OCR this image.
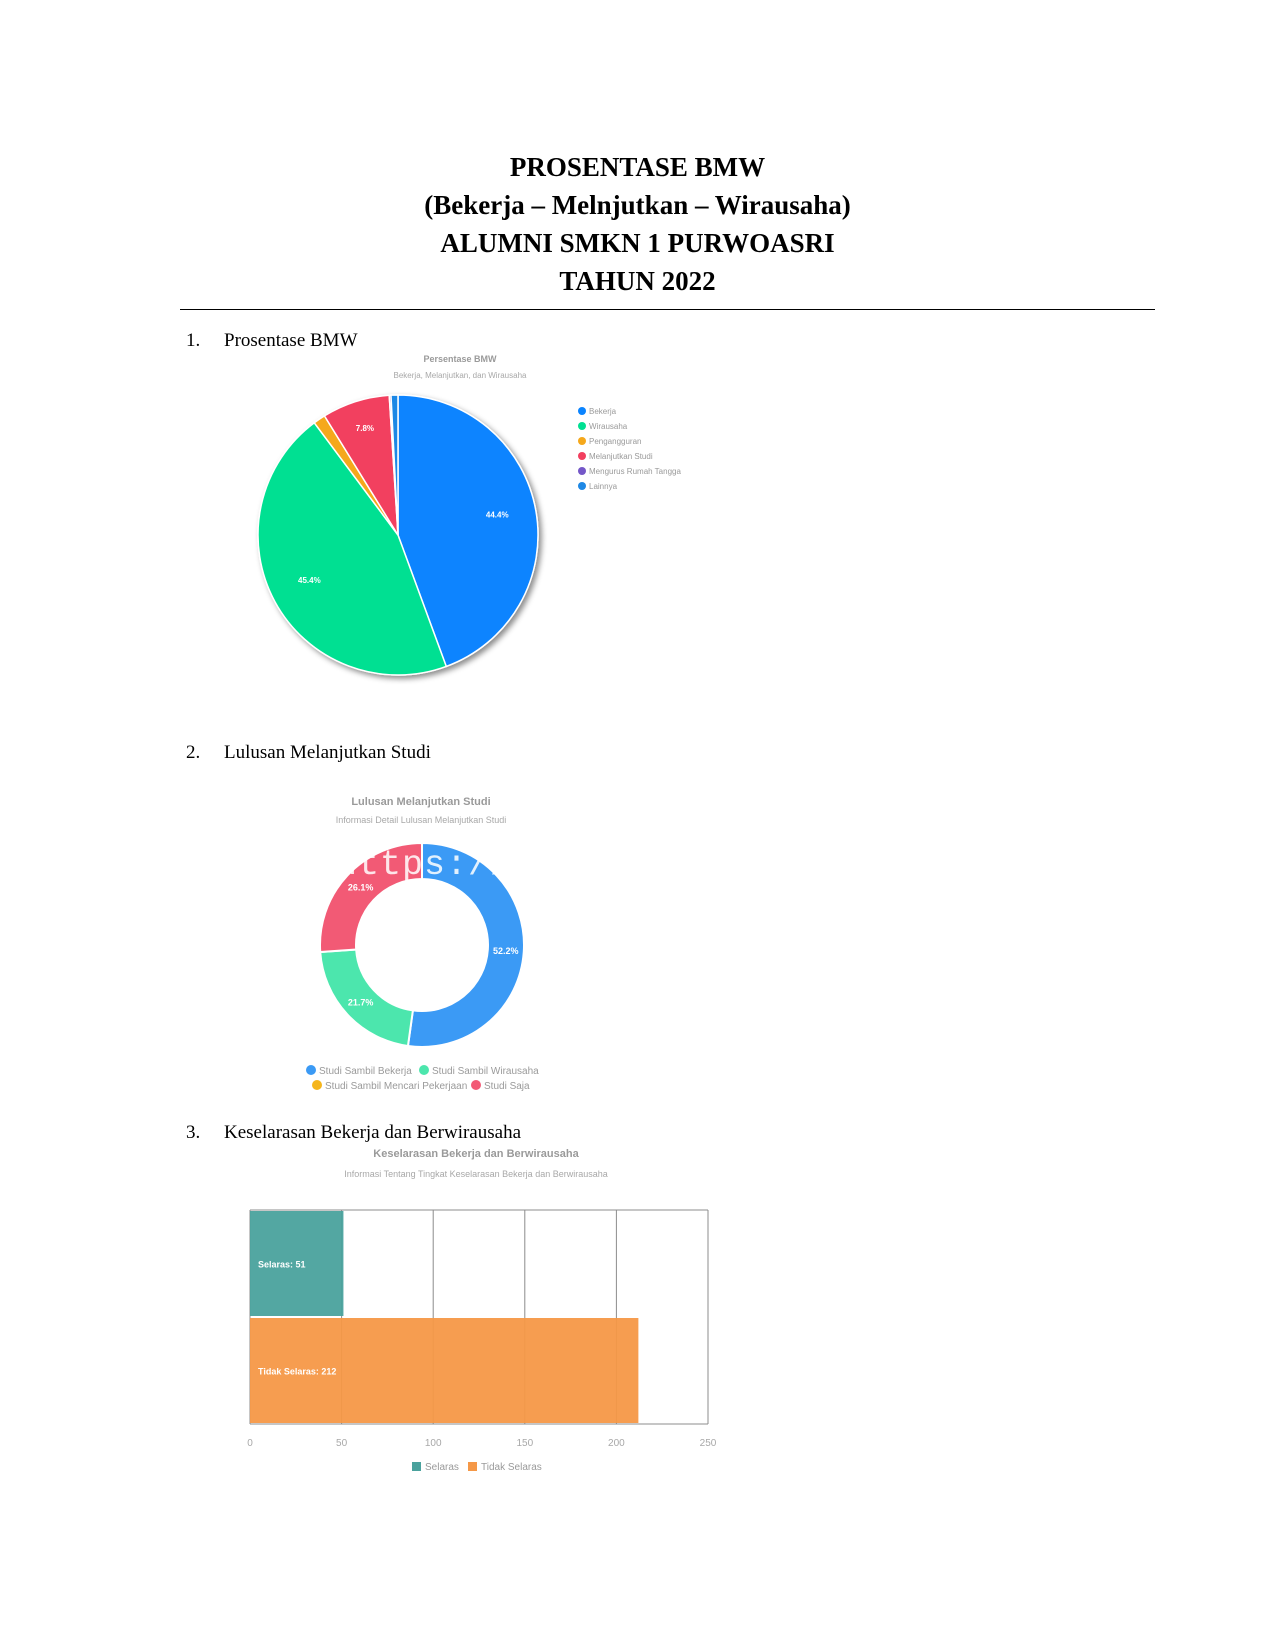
PROSENTASE BMW
(Bekerja – Melnjutkan – Wirausaha)
ALUMNI SMKN 1 PURWOASRI
TAHUN 2022
1. Prosentase BMW
2. Lulusan Melanjutkan Studi
3. Keselarasan Bekerja dan Berwirausaha
Persentase BMW
Bekerja, Melanjutkan, dan Wirausaha
44.4%
45.4%
7.8%
Bekerja
Wirausaha
Pengangguran
Melanjutkan Studi
Mengurus Rumah Tangga
Lainnya
Lulusan Melanjutkan Studi
Informasi Detail Lulusan Melanjutkan Studi
52.2%
21.7%
26.1%
Studi Sambil Bekerja Studi Sambil Wirausaha
Studi Sambil Mencari Pekerjaan Studi Saja
Keselarasan Bekerja dan Berwirausaha
Informasi Tentang Tingkat Keselarasan Bekerja dan Berwirausaha
Selaras: 51
Tidak Selaras: 212
0	50	100	150	200	250
Selaras Tidak Selaras
https://si
